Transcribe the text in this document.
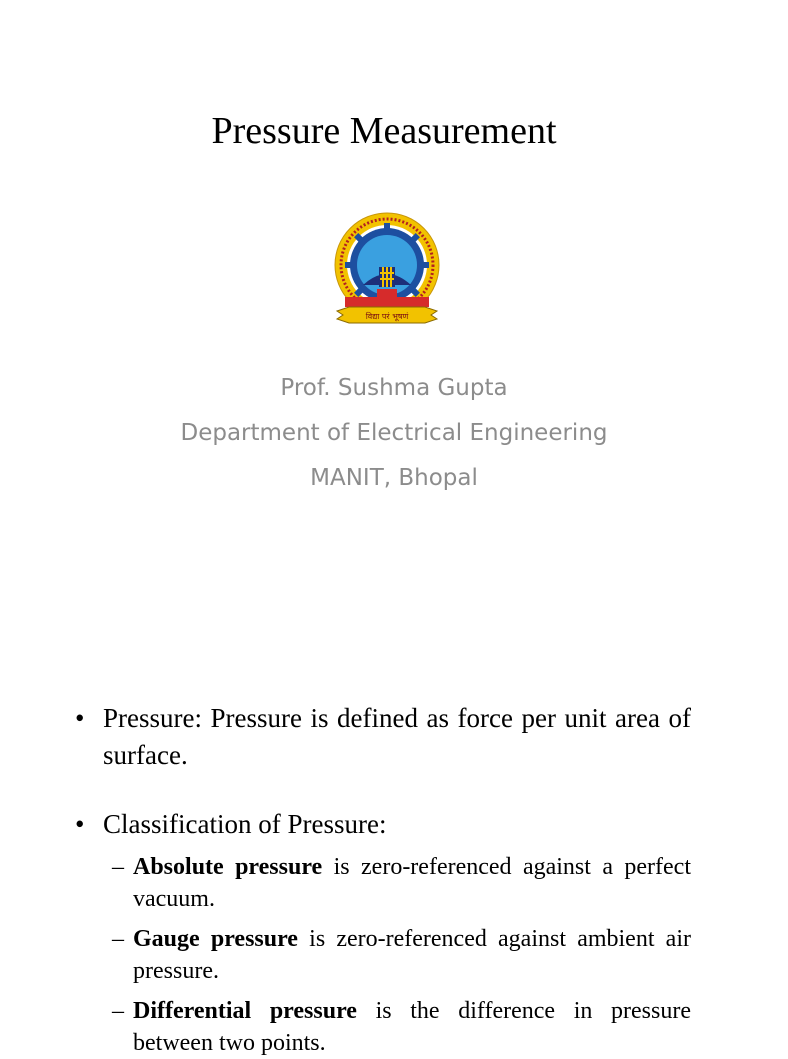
Pressure Measurement
विद्या परं भूषणं
Prof. Sushma Gupta
Department of Electrical Engineering
MANIT, Bhopal
• Pressure: Pressure is defined as force per unit area of surface.
• Classification of Pressure:
– Absolute pressure is zero-referenced against a perfect vacuum.
– Gauge pressure is zero-referenced against ambient air pressure.
– Differential pressure is the difference in pressure between two points.
